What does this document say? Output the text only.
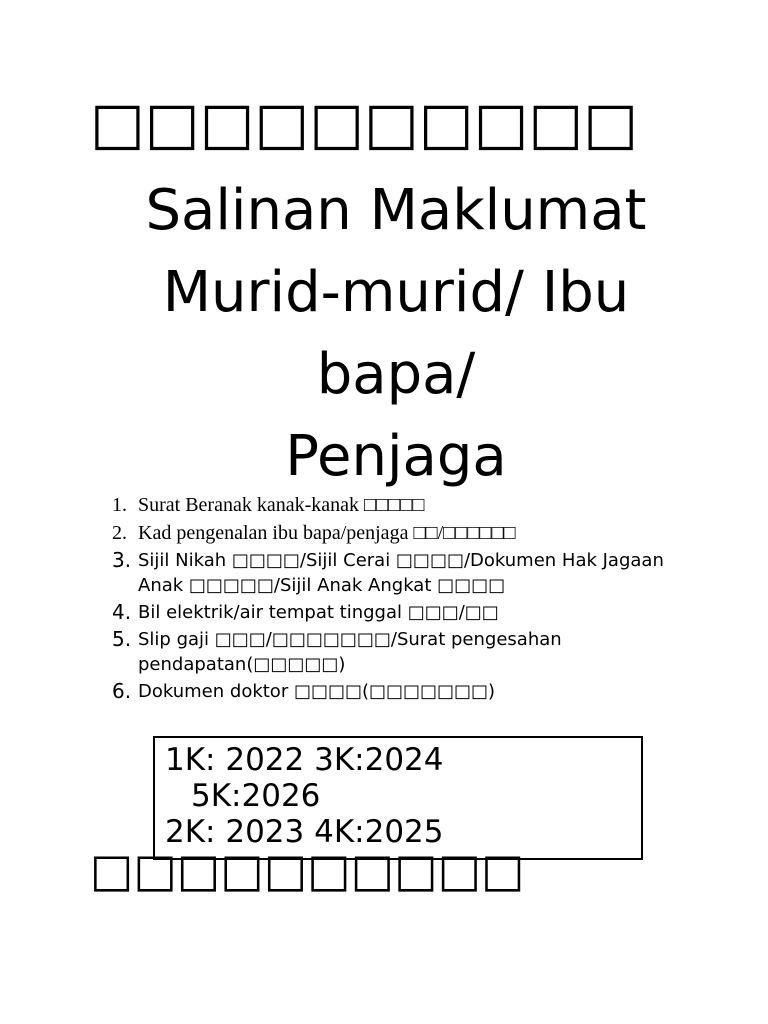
□□□□□□□□□□
Salinan Maklumat
Murid-murid/ Ibu
bapa/
Penjaga
1. Surat Beranak kanak-kanak □□□□□
2. Kad pengenalan ibu bapa/penjaga □□/□□□□□□
3. Sijil Nikah □□□□/Sijil Cerai □□□□/Dokumen Hak Jagaan Anak □□□□□/Sijil Anak Angkat □□□□
4. Bil elektrik/air tempat tinggal □□□/□□
5. Slip gaji □□□/□□□□□□□/Surat pengesahan pendapatan(□□□□□)
6. Dokumen doktor □□□□(□□□□□□□)
1K: 2022 3K:2024
5K:2026
2K: 2023 4K:2025
□□□□□□□□□□
